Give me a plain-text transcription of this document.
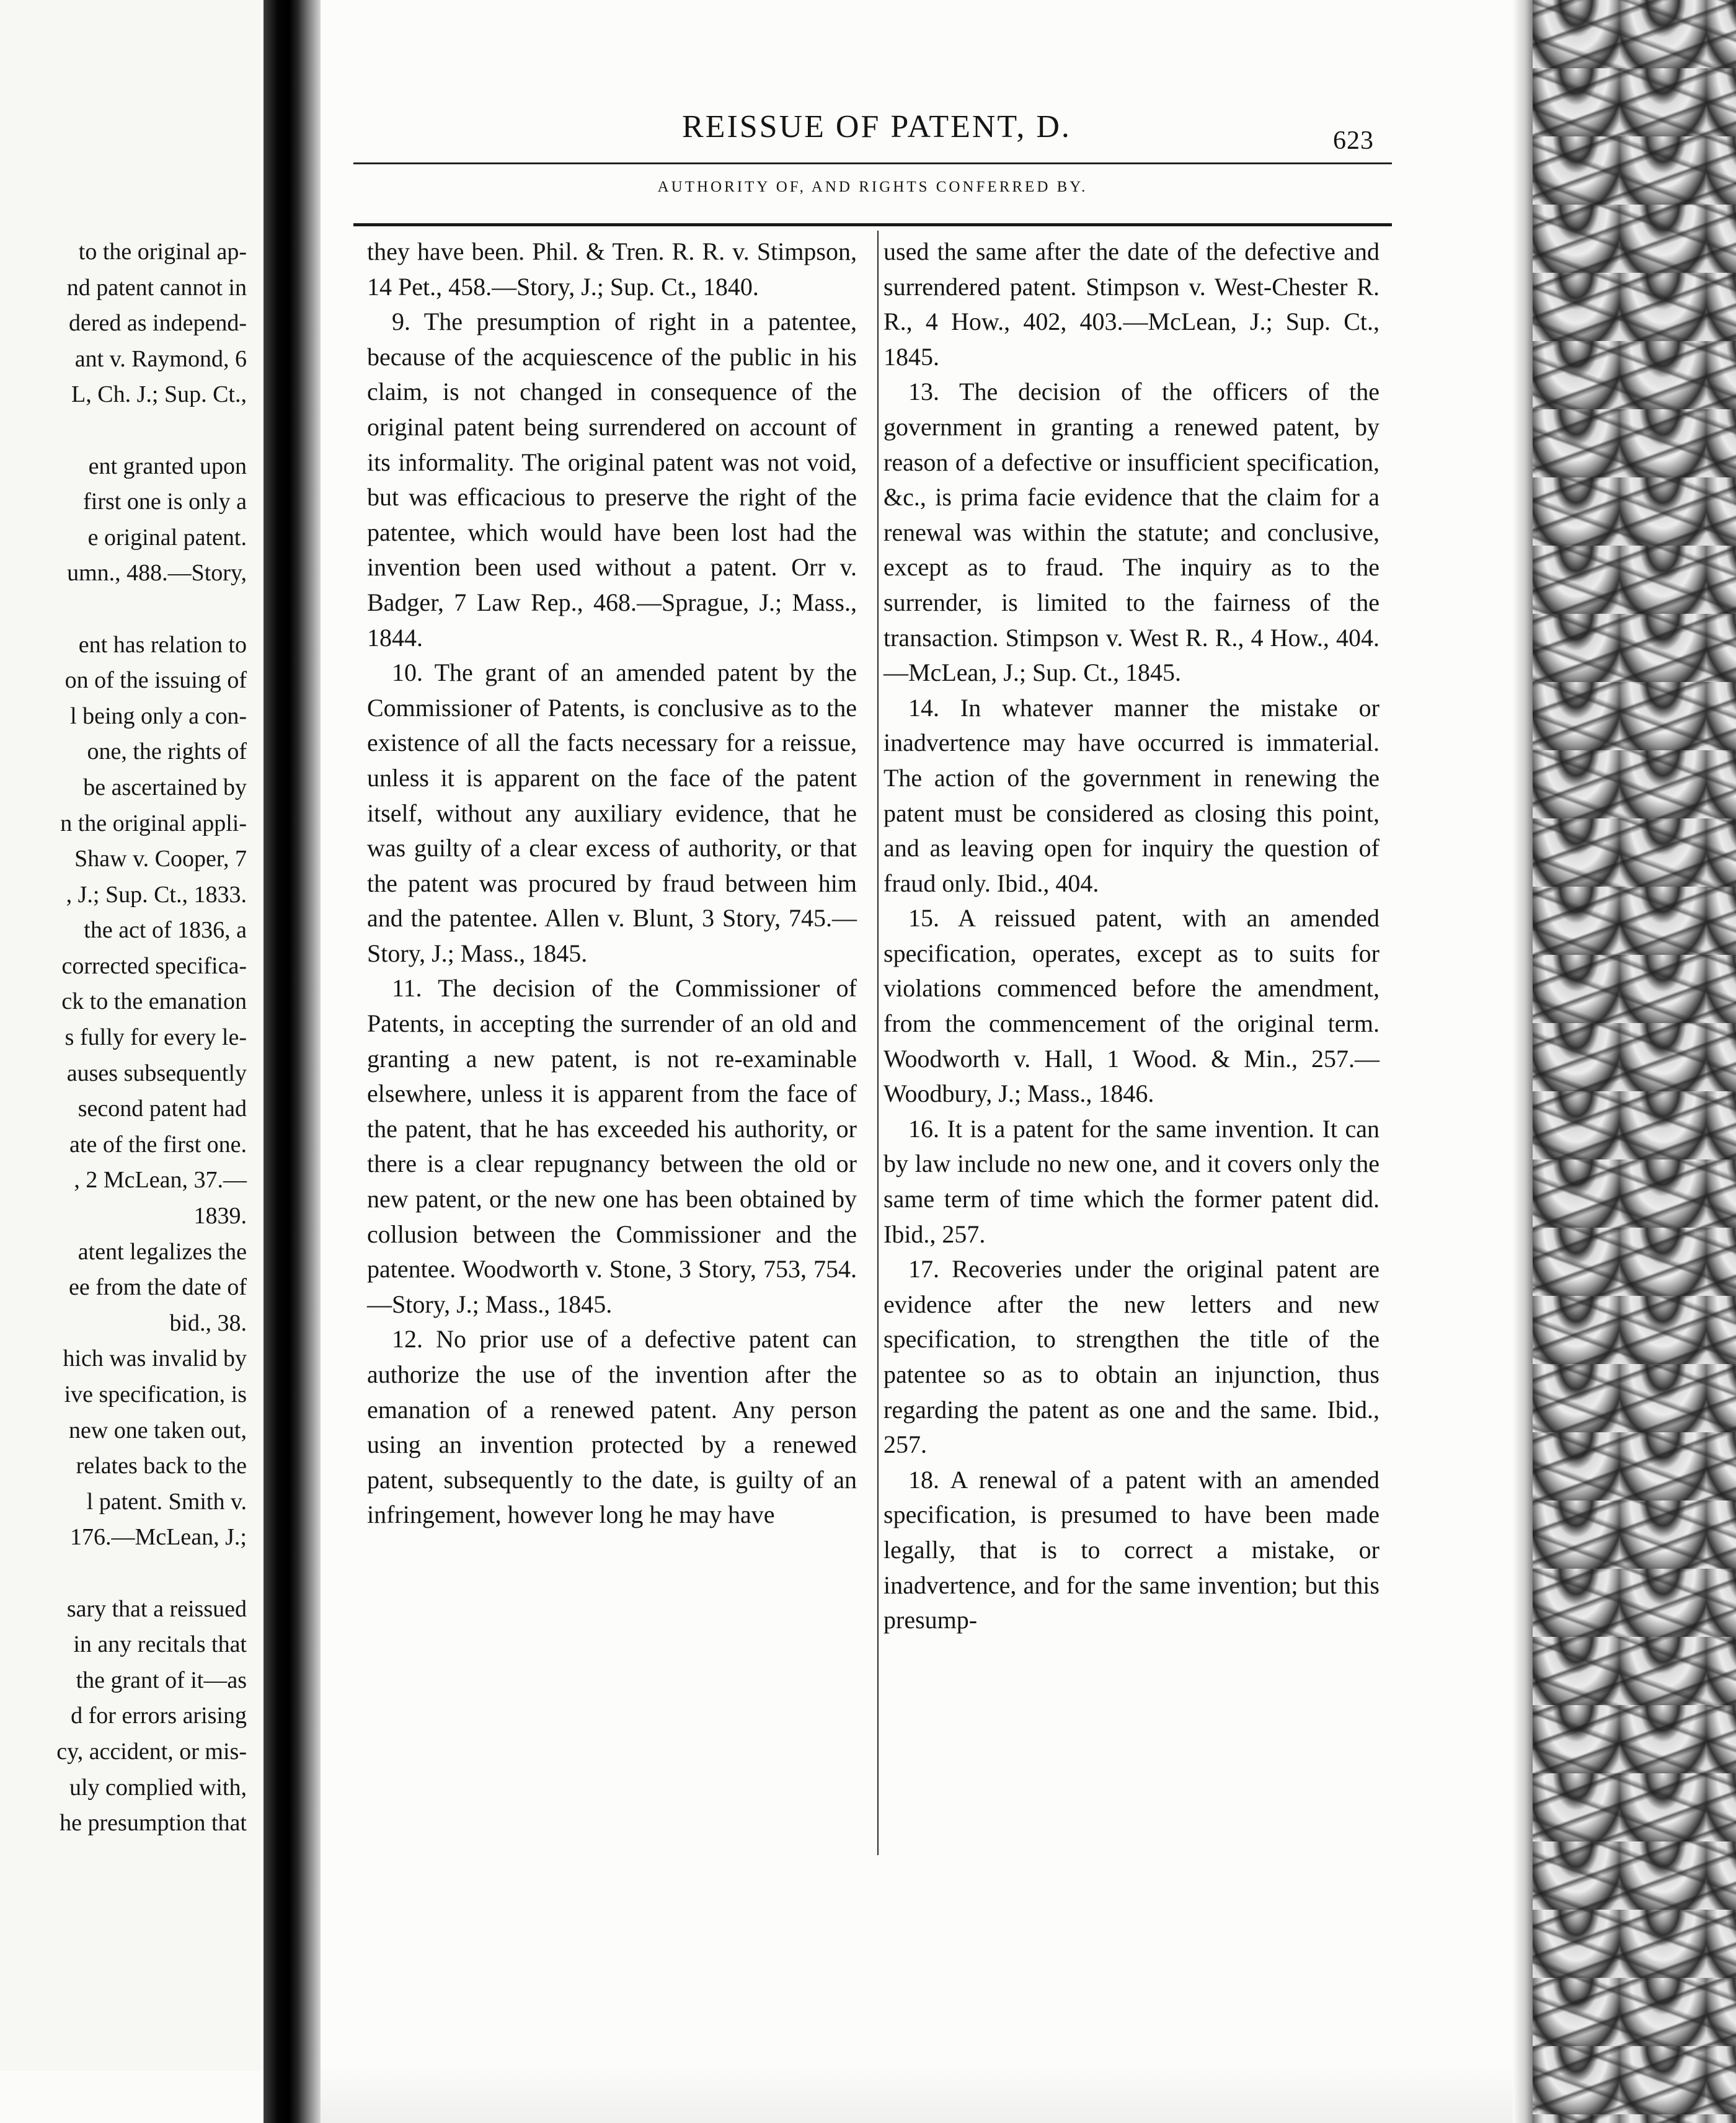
to the original ap-
nd patent cannot in
dered as independ-
ant v. Raymond, 6
L, Ch. J.; Sup. Ct.,
ent granted upon
first one is only a
e original patent.
umn., 488.—Story,
ent has relation to
on of the issuing of
l being only a con-
one, the rights of
be ascertained by
n the original appli-
Shaw v. Cooper, 7
, J.; Sup. Ct., 1833.
the act of 1836, a
corrected specifica-
ck to the emanation
s fully for every le-
auses subsequently
second patent had
ate of the first one.
, 2 McLean, 37.—
1839.
atent legalizes the
ee from the date of
bid., 38.
hich was invalid by
ive specification, is
new one taken out,
relates back to the
l patent. Smith v.
176.—McLean, J.;
sary that a reissued
in any recitals that
the grant of it—as
d for errors arising
cy, accident, or mis-
uly complied with,
he presumption that
REISSUE OF PATENT, D.	623
AUTHORITY OF, AND RIGHTS CONFERRED BY.

they have been. Phil. & Tren. R. R. v. Stimpson, 14 Pet., 458.—Story, J.; Sup. Ct., 1840.

9. The presumption of right in a patentee, because of the acquiescence of the public in his claim, is not changed in consequence of the original patent being surrendered on account of its informality. The original patent was not void, but was efficacious to preserve the right of the patentee, which would have been lost had the invention been used without a patent. Orr v. Badger, 7 Law Rep., 468.—Sprague, J.; Mass., 1844.

10. The grant of an amended patent by the Commissioner of Patents, is conclusive as to the existence of all the facts necessary for a reissue, unless it is apparent on the face of the patent itself, without any auxiliary evidence, that he was guilty of a clear excess of authority, or that the patent was procured by fraud between him and the patentee. Allen v. Blunt, 3 Story, 745.—Story, J.; Mass., 1845.

11. The decision of the Commissioner of Patents, in accepting the surrender of an old and granting a new patent, is not re-examinable elsewhere, unless it is apparent from the face of the patent, that he has exceeded his authority, or there is a clear repugnancy between the old or new patent, or the new one has been obtained by collusion between the Commissioner and the patentee. Woodworth v. Stone, 3 Story, 753, 754.—Story, J.; Mass., 1845.

12. No prior use of a defective patent can authorize the use of the invention after the emanation of a renewed patent. Any person using an invention protected by a renewed patent, subsequently to the date, is guilty of an infringement, however long he may have

used the same after the date of the defective and surrendered patent. Stimpson v. West-Chester R. R., 4 How., 402, 403.—McLean, J.; Sup. Ct., 1845.

13. The decision of the officers of the government in granting a renewed patent, by reason of a defective or insufficient specification, &c., is prima facie evidence that the claim for a renewal was within the statute; and conclusive, except as to fraud. The inquiry as to the surrender, is limited to the fairness of the transaction. Stimpson v. West R. R., 4 How., 404.—McLean, J.; Sup. Ct., 1845.

14. In whatever manner the mistake or inadvertence may have occurred is immaterial. The action of the government in renewing the patent must be considered as closing this point, and as leaving open for inquiry the question of fraud only. Ibid., 404.

15. A reissued patent, with an amended specification, operates, except as to suits for violations commenced before the amendment, from the commencement of the original term. Woodworth v. Hall, 1 Wood. & Min., 257.—Woodbury, J.; Mass., 1846.

16. It is a patent for the same invention. It can by law include no new one, and it covers only the same term of time which the former patent did. Ibid., 257.

17. Recoveries under the original patent are evidence after the new letters and new specification, to strengthen the title of the patentee so as to obtain an injunction, thus regarding the patent as one and the same. Ibid., 257.

18. A renewal of a patent with an amended specification, is presumed to have been made legally, that is to correct a mistake, or inadvertence, and for the same invention; but this presump-
